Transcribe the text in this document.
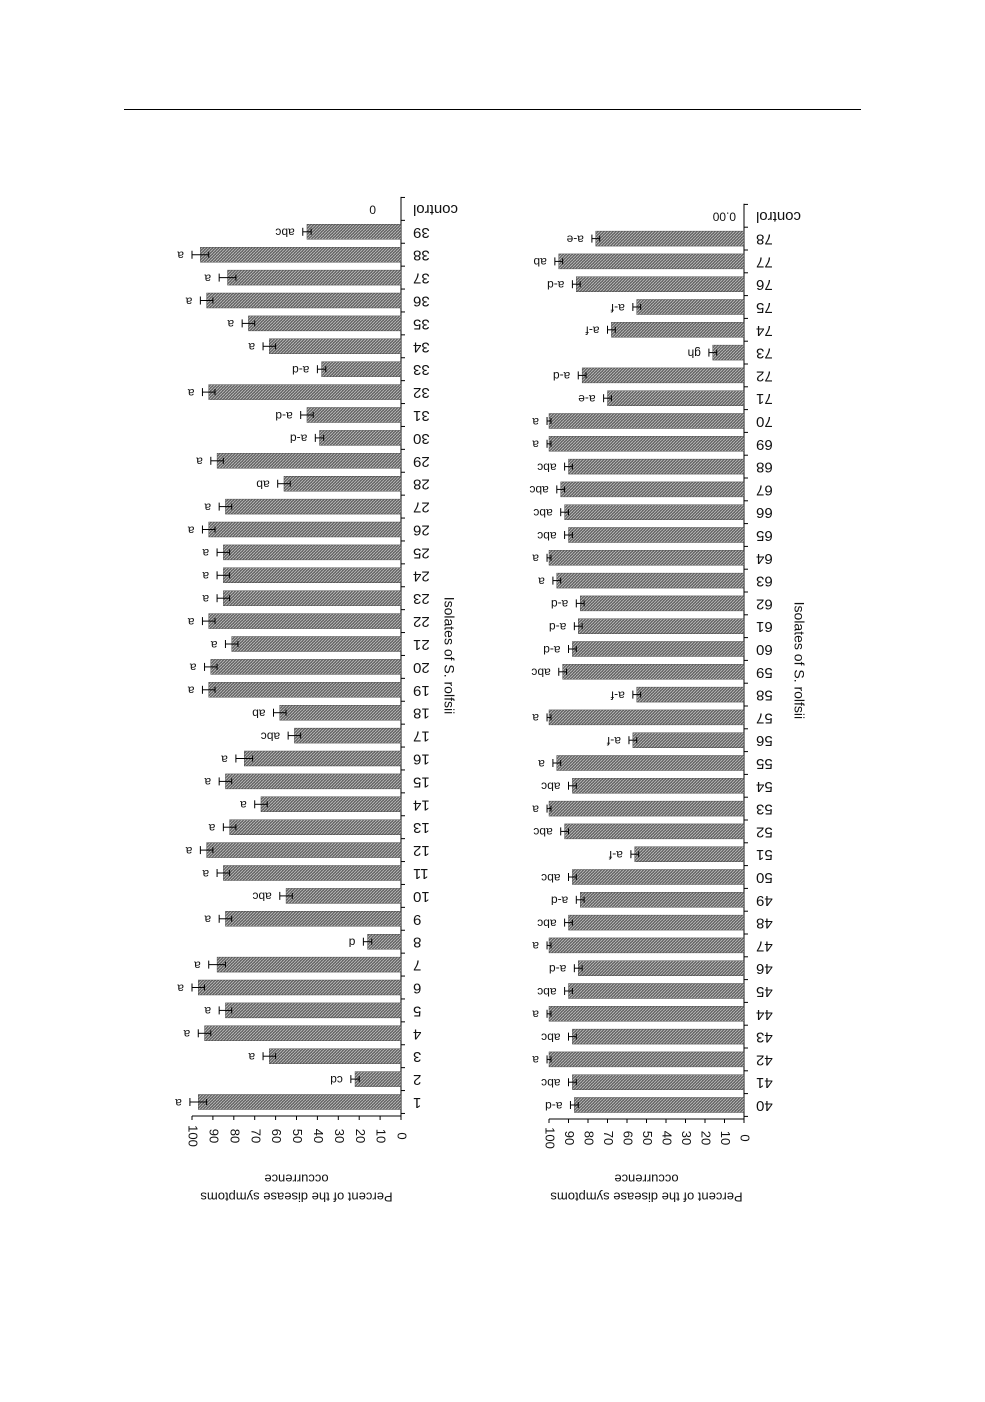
0
10
20
30
40
50
60
70
80
90
100
a	1
cd	2
a	3
a	4
a	5
a	6
a	7
d	8
a	9
abc	10
a	11
a	12
a	13
a	14
a	15
a	16
abc	17
ab	18
a	19
a	20
a	21
a	22
a	23
a	24
a	25
a	26
a	27
ab	28
a	29
a-d	30
a-d	31
a	32
a-d	33
a	34
a	35
a	36
a	37
a	38
abc	39
0 control
Isolates of S. rolfsii
Percent of the disease symptoms
occurrence
0
10
20
30
40
50
60
70
80
90
100
a-d	40
abc	41
a	42
abc	43
a	44
abc	45
a-d	46
a	47
abc	48
a-d	49
abc	50
a-f	51
abc	52
a	53
abc	54
a	55
a-f	56
a	57
a-f	58
abc	59
a-d	60
a-d	61
a-d	62
a	63
a	64
abc	65
abc	66
abc	67
abc	68
a	69
a	70
a-e	71
a-d	72
gh	73
a-f	74
a-f	75
a-d	76
ab	77
a-e	78
0.00 control
Isolates of S. rolfsii
Percent of the disease symptoms
occurrence
